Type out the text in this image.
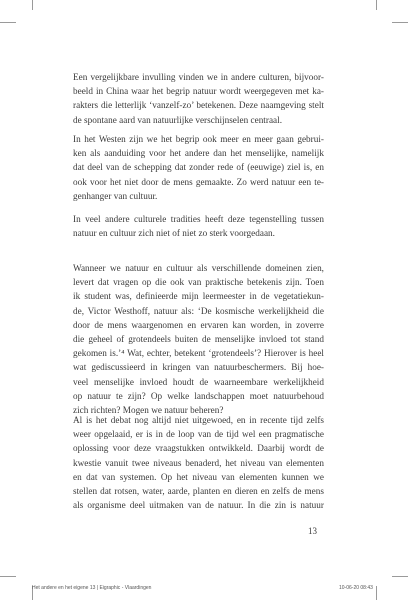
Een vergelijkbare invulling vinden we in andere culturen, bijvoor-
beeld in China waar het begrip natuur wordt weergegeven met ka-
rakters die letterlijk ‘vanzelf-zo’ betekenen. Deze naamgeving stelt
de spontane aard van natuurlijke verschijnselen centraal.

In het Westen zijn we het begrip ook meer en meer gaan gebrui-
ken als aanduiding voor het andere dan het menselijke, namelijk
dat deel van de schepping dat zonder rede of (eeuwige) ziel is, en
ook voor het niet door de mens gemaakte. Zo werd natuur een te-
genhanger van cultuur.

In veel andere culturele tradities heeft deze tegenstelling tussen
natuur en cultuur zich niet of niet zo sterk voorgedaan.

Wanneer we natuur en cultuur als verschillende domeinen zien,
levert dat vragen op die ook van praktische betekenis zijn. Toen
ik student was, definieerde mijn leermeester in de vegetatiekun-
de, Victor Westhoff, natuur als: ‘De kosmische werkelijkheid die
door de mens waargenomen en ervaren kan worden, in zoverre
die geheel of grotendeels buiten de menselijke invloed tot stand
gekomen is.’⁴ Wat, echter, betekent ‘grotendeels’? Hierover is heel
wat gediscussieerd in kringen van natuurbeschermers. Bij hoe-
veel menselijke invloed houdt de waarneembare werkelijkheid
op natuur te zijn? Op welke landschappen moet natuurbehoud
zich richten? Mogen we natuur beheren?

Al is het debat nog altijd niet uitgewoed, en in recente tijd zelfs
weer opgelaaid, er is in de loop van de tijd wel een pragmatische
oplossing voor deze vraagstukken ontwikkeld. Daarbij wordt de
kwestie vanuit twee niveaus benaderd, het niveau van elementen
en dat van systemen. Op het niveau van elementen kunnen we
stellen dat rotsen, water, aarde, planten en dieren en zelfs de mens
als organisme deel uitmaken van de natuur. In die zin is natuur

13
Het andere en het eigene 13 | Eigraphic - Vlaardingen	10-06-20 08:43
